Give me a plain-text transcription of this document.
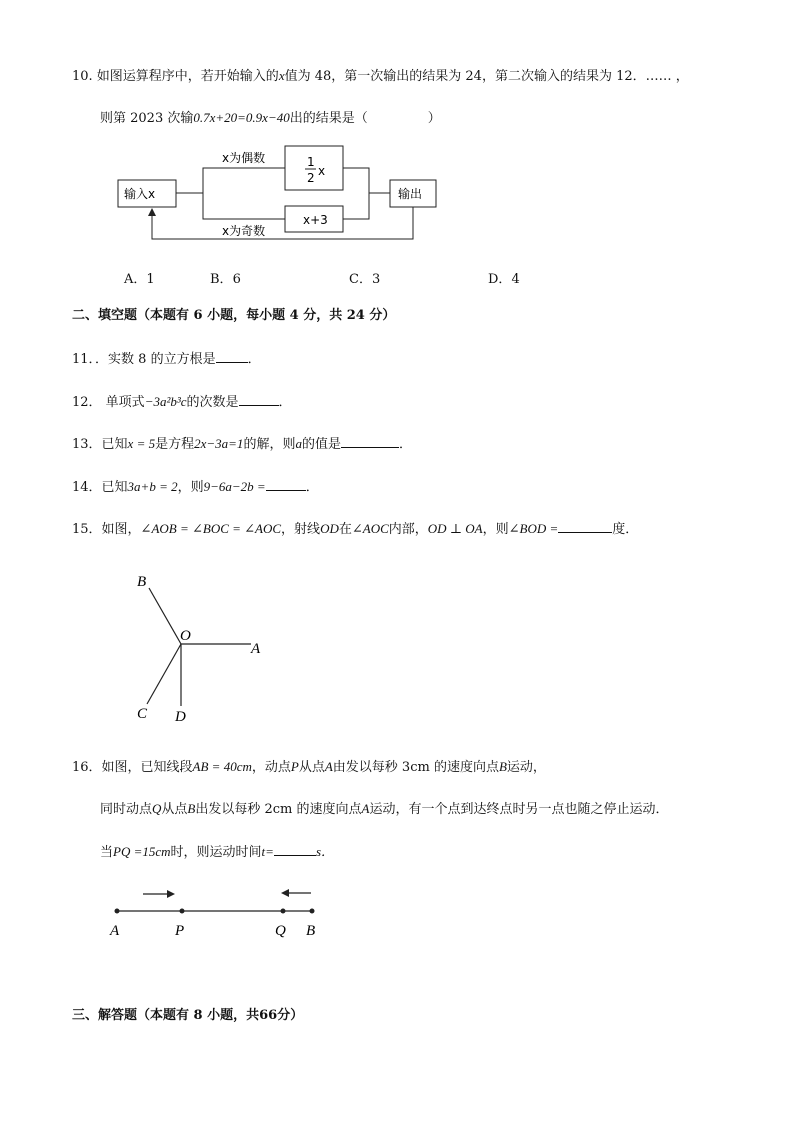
10. 如图运算程序中，若开始输入的x值为 48，第一次输出的结果为 24，第二次输入的结果为 12．…… ，
则第 2023 次输0.7x+20=0.9x−40出的结果是（	）
输入x
x为偶数	1
2 x
x为奇数
x+3
输出
A．1	B．6	C．3	D．4
二、填空题（本题有 6 小题，每小题 4 分，共 24 分）
11．．实数 8 的立方根是 ．
12． 单项式−3a²b³c的次数是	．
13．已知x = 5是方程2x−3a=1的解，则a的值是	．
14．已知3a+b = 2，则9−6a−2b =	．
15．如图，∠AOB = ∠BOC = ∠AOC，射线OD在∠AOC内部，OD ⊥ OA，则∠BOD =	度．
B
O
A
C D
16．如图，已知线段AB = 40cm，动点P从点A由发以每秒 3cm 的速度向点B运动，
同时动点Q从点B出发以每秒 2cm 的速度向点A运动，有一个点到达终点时另一点也随之停止运动．
当PQ =15cm时，则运动时间t=	s．
A	P	Q B
三、解答题（本题有 8 小题，共66分）
